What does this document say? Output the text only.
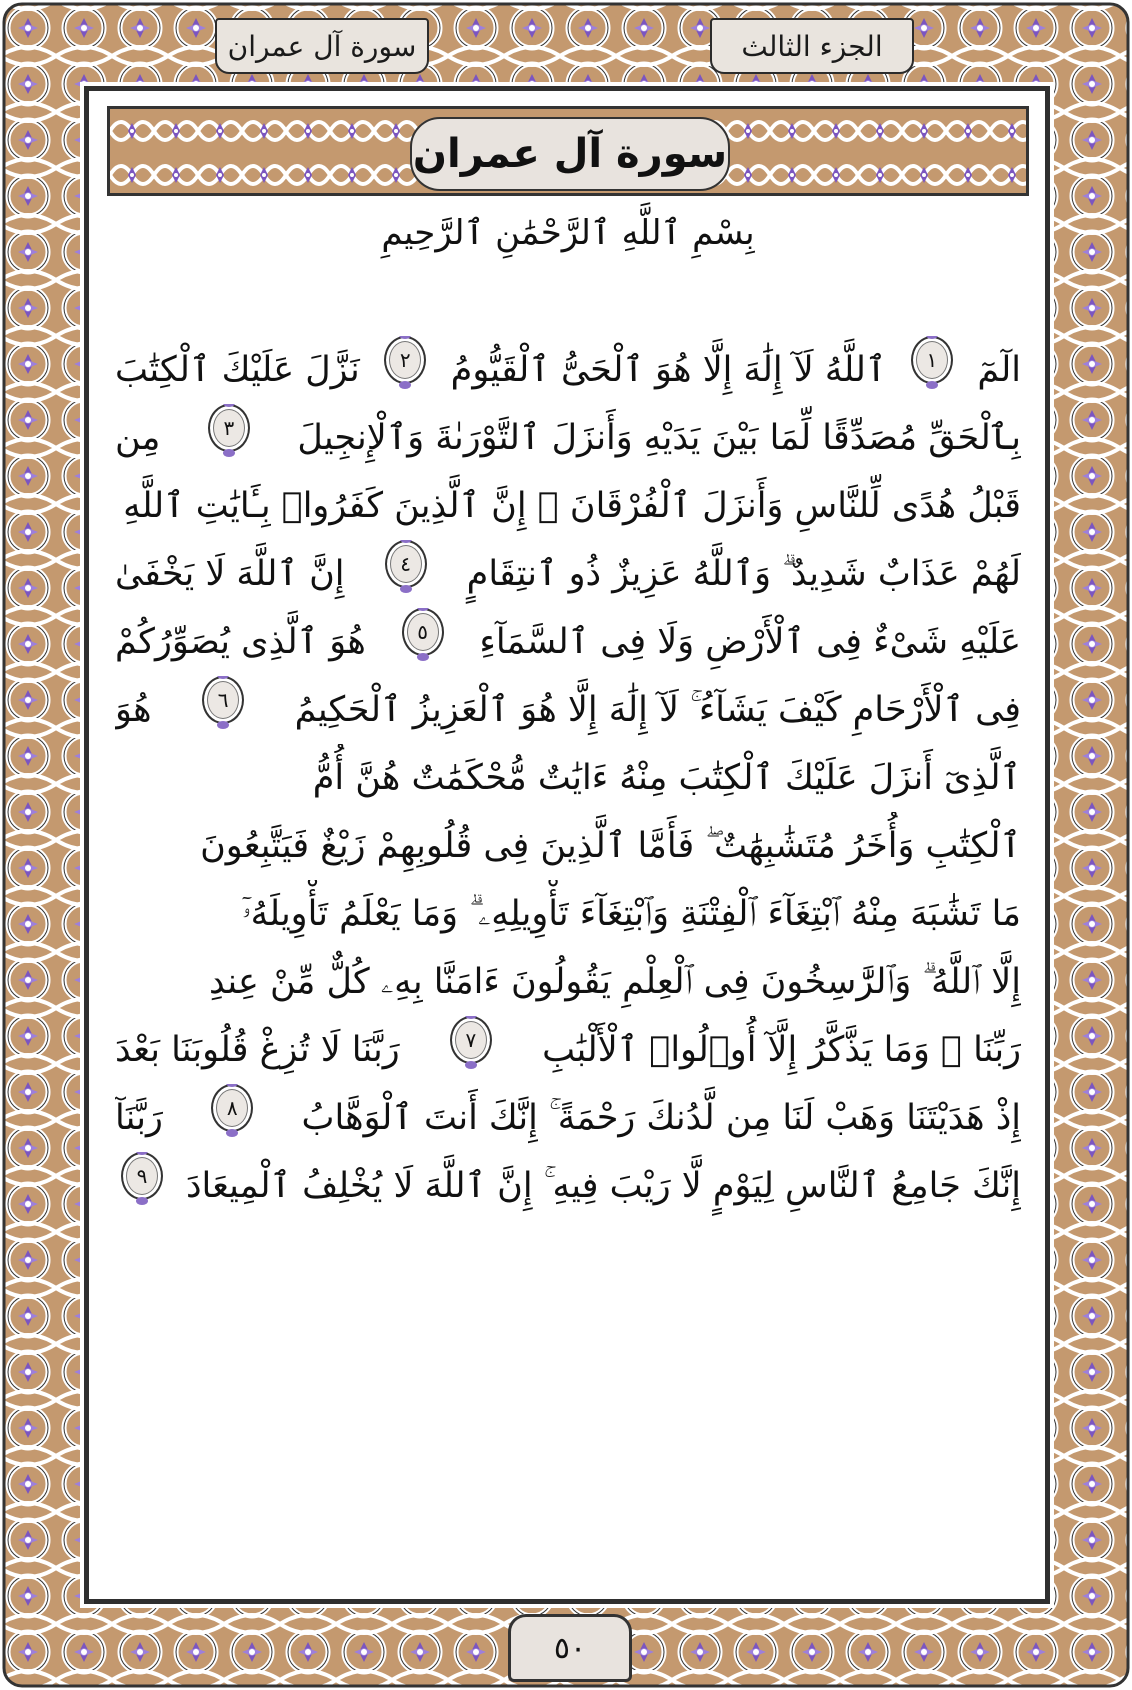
الجزء الثالث
سورة آل عمران
سورة آل عمران
بِسْمِ ٱللَّهِ ٱلرَّحْمَٰنِ ٱلرَّحِيمِ
الٓمٓ
١
ٱللَّهُ لَآ إِلَٰهَ إِلَّا هُوَ ٱلْحَىُّ ٱلْقَيُّومُ
٢
نَزَّلَ عَلَيْكَ ٱلْكِتَٰبَ
بِٱلْحَقِّ مُصَدِّقًا لِّمَا بَيْنَ يَدَيْهِ وَأَنزَلَ ٱلتَّوْرَىٰةَ وَٱلْإِنجِيلَ
٣
مِن
قَبْلُ هُدًى لِّلنَّاسِ وَأَنزَلَ ٱلْفُرْقَانَ ۗ إِنَّ ٱلَّذِينَ كَفَرُوا۟ بِـَٔايَٰتِ ٱللَّهِ
لَهُمْ عَذَابٌ شَدِيدٌ ۗ وَٱللَّهُ عَزِيزٌ ذُو ٱنتِقَامٍ
٤
إِنَّ ٱللَّهَ لَا يَخْفَىٰ
عَلَيْهِ شَىْءٌ فِى ٱلْأَرْضِ وَلَا فِى ٱلسَّمَآءِ
٥
هُوَ ٱلَّذِى يُصَوِّرُكُمْ
فِى ٱلْأَرْحَامِ كَيْفَ يَشَآءُ ۚ لَآ إِلَٰهَ إِلَّا هُوَ ٱلْعَزِيزُ ٱلْحَكِيمُ
٦
هُوَ
ٱلَّذِىٓ أَنزَلَ عَلَيْكَ ٱلْكِتَٰبَ مِنْهُ ءَايَٰتٌ مُّحْكَمَٰتٌ هُنَّ أُمُّ
ٱلْكِتَٰبِ وَأُخَرُ مُتَشَٰبِهَٰتٌ ۖ فَأَمَّا ٱلَّذِينَ فِى قُلُوبِهِمْ زَيْغٌ فَيَتَّبِعُونَ
مَا تَشَٰبَهَ مِنْهُ ٱبْتِغَآءَ ٱلْفِتْنَةِ وَٱبْتِغَآءَ تَأْوِيلِهِۦ ۗ وَمَا يَعْلَمُ تَأْوِيلَهُۥٓ
إِلَّا ٱللَّهُ ۗ وَٱلرَّٰسِخُونَ فِى ٱلْعِلْمِ يَقُولُونَ ءَامَنَّا بِهِۦ كُلٌّ مِّنْ عِندِ
رَبِّنَا ۗ وَمَا يَذَّكَّرُ إِلَّآ أُو۟لُوا۟ ٱلْأَلْبَٰبِ
٧
رَبَّنَا لَا تُزِغْ قُلُوبَنَا بَعْدَ
إِذْ هَدَيْتَنَا وَهَبْ لَنَا مِن لَّدُنكَ رَحْمَةً ۚ إِنَّكَ أَنتَ ٱلْوَهَّابُ
٨
رَبَّنَآ
إِنَّكَ جَامِعُ ٱلنَّاسِ لِيَوْمٍ لَّا رَيْبَ فِيهِ ۚ إِنَّ ٱللَّهَ لَا يُخْلِفُ ٱلْمِيعَادَ
٩
٥٠
